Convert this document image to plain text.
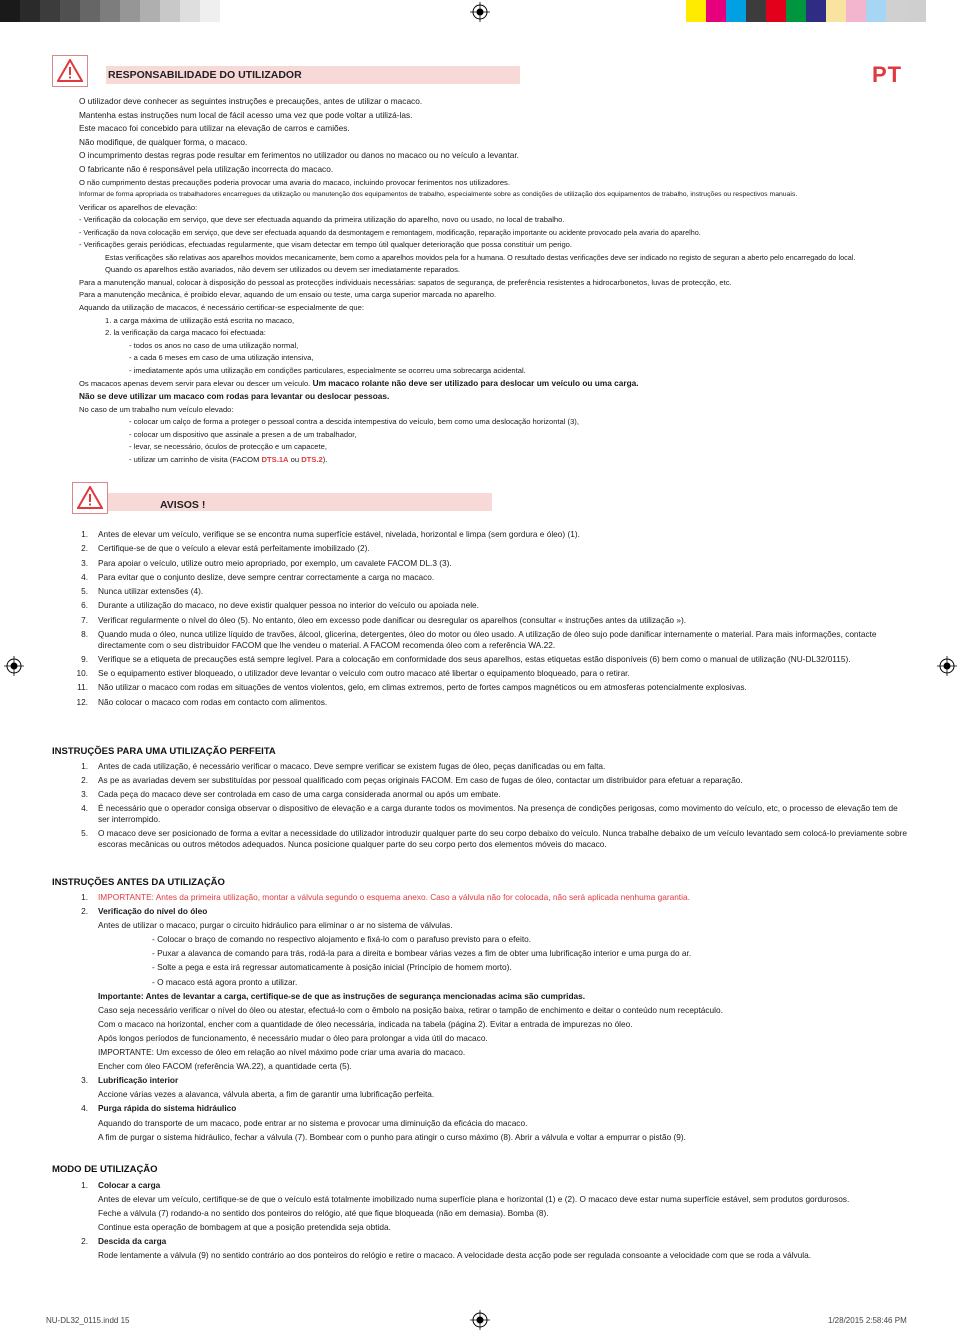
PT
RESPONSABILIDADE DO UTILIZADOR
O utilizador deve conhecer as seguintes instruções e precauções, antes de utilizar o macaco.
Mantenha estas instruções num local de fácil acesso uma vez que pode voltar a utilizá-las.
Este macaco foi concebido para utilizar na elevação de carros e camiões.
Não modifique, de qualquer forma, o macaco.
O incumprimento destas regras pode resultar em ferimentos no utilizador ou danos no macaco ou no veículo a levantar.
O fabricante não é responsável pela utilização incorrecta do macaco.
O não cumprimento destas precauções poderia provocar uma avaria do macaco, incluindo provocar ferimentos nos utilizadores.
Informar de forma apropriada os trabalhadores encarregues da utilização ou manutenção dos equipamentos de trabalho, especialmente sobre as condições de utilização dos equipamentos de trabalho, instruções ou respectivos manuais.
Verificar os aparelhos de elevação:
- Verificação da colocação em serviço, que deve ser efectuada aquando da primeira utilização do aparelho, novo ou usado, no local de trabalho.
- Verificação da nova colocação em serviço, que deve ser efectuada aquando da desmontagem e remontagem, modificação, reparação importante ou acidente provocado pela avaria do aparelho.
- Verificações gerais periódicas, efectuadas regularmente, que visam detectar em tempo útil qualquer deterioração que possa constituir um perigo.
Estas verificações são relativas aos aparelhos movidos mecanicamente, bem como a aparelhos movidos pela for a humana. O resultado destas verificações deve ser indicado no registo de seguran a aberto pelo encarregado do local.
Quando os aparelhos estão avariados, não devem ser utilizados ou devem ser imediatamente reparados.
Para a manutenção manual, colocar à disposição do pessoal as protecções individuais necessárias: sapatos de segurança, de preferência resistentes a hidrocarbonetos, luvas de protecção, etc.
Para a manutenção mecânica, é proibido elevar, aquando de um ensaio ou teste, uma carga superior marcada no aparelho.
Aquando da utilização de macacos, é necessário certificar-se especialmente de que:
1. a carga máxima de utilização está escrita no macaco,
2. la verificação da carga macaco foi efectuada:
- todos os anos no caso de uma utilização normal,
- a cada 6 meses em caso de uma utilização intensiva,
- imediatamente após uma utilização em condições particulares, especialmente se ocorreu uma sobrecarga acidental.
Os macacos apenas devem servir para elevar ou descer um veículo. Um macaco rolante não deve ser utilizado para deslocar um veículo ou uma carga.
Não se deve utilizar um macaco com rodas para levantar ou deslocar pessoas.
No caso de um trabalho num veículo elevado:
- colocar um calço de forma a proteger o pessoal contra a descida intempestiva do veículo, bem como uma deslocação horizontal (3),
- colocar um dispositivo que assinale a presen a de um trabalhador,
- levar, se necessário, óculos de protecção e um capacete,
- utilizar um carrinho de visita (FACOM DTS.1A ou DTS.2).
AVISOS !
1.	Antes de elevar um veículo, verifique se se encontra numa superfície estável, nivelada, horizontal e limpa (sem gordura e óleo) (1).
2.	Certifique-se de que o veículo a elevar está perfeitamente imobilizado (2).
3.	Para apoiar o veículo, utilize outro meio apropriado, por exemplo, um cavalete FACOM DL.3 (3).
4.	Para evitar que o conjunto deslize, deve sempre centrar correctamente a carga no macaco.
5.	Nunca utilizar extensões (4).
6.	Durante a utilização do macaco, no deve existir qualquer pessoa no interior do veículo ou apoiada nele.
7.	Verificar regularmente o nível do óleo (5). No entanto, óleo em excesso pode danificar ou desregular os aparelhos (consultar « instruções antes da utilização »).
8.	Quando muda o óleo, nunca utilize líquido de travões, álcool, glicerina, detergentes, óleo do motor ou óleo usado. A utilização de óleo sujo pode danificar internamente o material. Para mais informações, contacte directamente com o seu distribuidor FACOM que lhe vendeu o material. A FACOM recomenda óleo com a referência WA.22.
9.	Verifique se a etiqueta de precauções está sempre legível. Para a colocação em conformidade dos seus aparelhos, estas etiquetas estão disponíveis (6) bem como o manual de utilização (NU-DL32/0115).
10.	Se o equipamento estiver bloqueado, o utilizador deve levantar o veículo com outro macaco até libertar o equipamento bloqueado, para o retirar.
11.	Não utilizar o macaco com rodas em situações de ventos violentos, gelo, em climas extremos, perto de fortes campos magnéticos ou em atmosferas potencialmente explosivas.
12.	Não colocar o macaco com rodas em contacto com alimentos.
INSTRUÇÕES PARA UMA UTILIZAÇÃO PERFEITA
1.	Antes de cada utilização, é necessário verificar o macaco. Deve sempre verificar se existem fugas de óleo, peças danificadas ou em falta.
2.	As pe as avariadas devem ser substituídas por pessoal qualificado com peças originais FACOM. Em caso de fugas de óleo, contactar um distribuidor para efetuar a reparação.
3.	Cada peça do macaco deve ser controlada em caso de uma carga considerada anormal ou após um embate.
4.	É necessário que o operador consiga observar o dispositivo de elevação e a carga durante todos os movimentos. Na presença de condições perigosas, como movimento do veículo, etc, o processo de elevação tem de ser interrompido.
5.	O macaco deve ser posicionado de forma a evitar a necessidade do utilizador introduzir qualquer parte do seu corpo debaixo do veículo. Nunca trabalhe debaixo de um veículo levantado sem colocá-lo previamente sobre escoras mecânicas ou outros métodos adequados. Nunca posicione qualquer parte do seu corpo perto dos elementos móveis do macaco.
INSTRUÇÕES ANTES DA UTILIZAÇÃO
1.	IMPORTANTE: Antes da primeira utilização, montar a válvula segundo o esquema anexo. Caso a válvula não for colocada, não será aplicada nenhuma garantia.
2.	Verificação do nível do óleo
Antes de utilizar o macaco, purgar o circuito hidráulico para eliminar o ar no sistema de válvulas.
- Colocar o braço de comando no respectivo alojamento e fixá-lo com o parafuso previsto para o efeito.
- Puxar a alavanca de comando para trás, rodá-la para a direita e bombear várias vezes a fim de obter uma lubrificação interior e uma purga do ar.
- Solte a pega e esta irá regressar automaticamente à posição inicial (Princípio de homem morto).
- O macaco está agora pronto a utilizar.
Importante: Antes de levantar a carga, certifique-se de que as instruções de segurança mencionadas acima são cumpridas.
Caso seja necessário verificar o nível do óleo ou atestar, efectuá-lo com o êmbolo na posição baixa, retirar o tampão de enchimento e deitar o conteúdo num receptáculo.
Com o macaco na horizontal, encher com a quantidade de óleo necessária, indicada na tabela (página 2). Evitar a entrada de impurezas no óleo.
Após longos períodos de funcionamento, é necessário mudar o óleo para prolongar a vida útil do macaco.
IMPORTANTE: Um excesso de óleo em relação ao nível máximo pode criar uma avaria do macaco.
Encher com óleo FACOM (referência WA.22), a quantidade certa (5).
3.	Lubrificação interior
Accione várias vezes a alavanca, válvula aberta, a fim de garantir uma lubrificação perfeita.
4.	Purga rápida do sistema hidráulico
Aquando do transporte de um macaco, pode entrar ar no sistema e provocar uma diminuição da eficácia do macaco.
A fim de purgar o sistema hidráulico, fechar a válvula (7). Bombear com o punho para atingir o curso máximo (8). Abrir a válvula e voltar a empurrar o pistão (9).
MODO DE UTILIZAÇÃO
1.	Colocar a carga
Antes de elevar um veículo, certifique-se de que o veículo está totalmente imobilizado numa superfície plana e horizontal (1) e (2). O macaco deve estar numa superfície estável, sem produtos gordurosos.
Feche a válvula (7) rodando-a no sentido dos ponteiros do relógio, até que fique bloqueada (não em demasia). Bomba (8).
Continue esta operação de bombagem at que a posição pretendida seja obtida.
2.	Descida da carga
Rode lentamente a válvula (9) no sentido contrário ao dos ponteiros do relógio e retire o macaco. A velocidade desta acção pode ser regulada consoante a velocidade com que se roda a válvula.
NU-DL32_0115.indd 15	1/28/2015 2:58:46 PM
